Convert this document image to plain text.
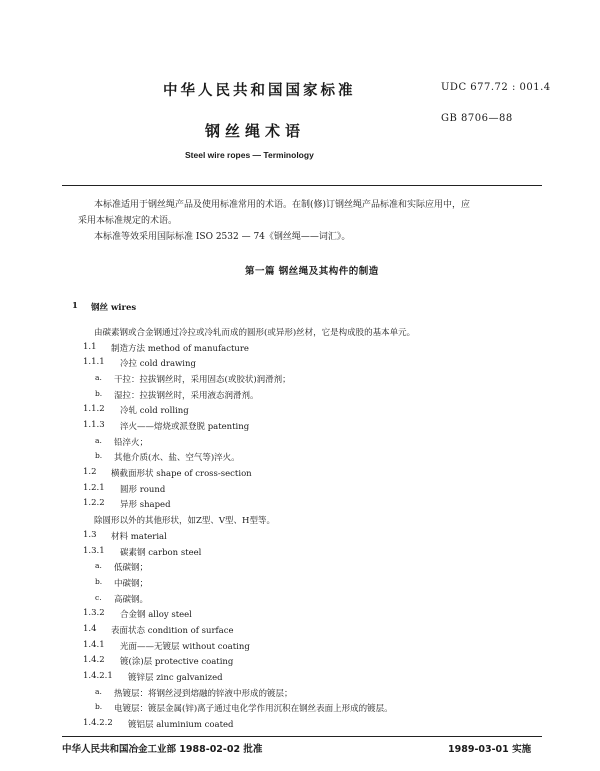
中华人民共和国国家标准	UDC 677.72 : 001.4
GB 8706—88
钢丝绳术语
Steel wire ropes — Terminology
本标准适用于钢丝绳产品及使用标准常用的术语。在制(修)订钢丝绳产品标准和实际应用中，应
采用本标准规定的术语。
本标准等效采用国际标准 ISO 2532 — 74《钢丝绳——词汇》。
第一篇 钢丝绳及其构件的制造
1 钢丝 wires
由碳素钢或合金钢通过冷拉或冷轧而成的圆形(或异形)丝材，它是构成股的基本单元。
1.1 制造方法 method of manufacture
1.1.1 冷拉 cold drawing
a. 干拉：拉拔钢丝时，采用固态(或胶状)润滑剂；
b. 湿拉：拉拔钢丝时，采用液态润滑剂。
1.1.2 冷轧 cold rolling
1.1.3 淬火——熔烧或派登脱 patenting
a. 铅淬火；
b. 其他介质(水、盐、空气等)淬火。
1.2 横截面形状 shape of cross-section
1.2.1 圆形 round
1.2.2 异形 shaped
除圆形以外的其他形状，如Z型、V型、H型等。
1.3 材料 material
1.3.1 碳素钢 carbon steel
a. 低碳钢；
b. 中碳钢；
c. 高碳钢。
1.3.2 合金钢 alloy steel
1.4 表面状态 condition of surface
1.4.1 光面——无镀层 without coating
1.4.2 镀(涂)层 protective coating
1.4.2.1 镀锌层 zinc galvanized
a. 热镀层：将钢丝浸到熔融的锌液中形成的镀层；
b. 电镀层：镀层金属(锌)离子通过电化学作用沉积在钢丝表面上形成的镀层。
1.4.2.2 镀铝层 aluminium coated
中华人民共和国冶金工业部 1988-02-02 批准	1989-03-01 实施
